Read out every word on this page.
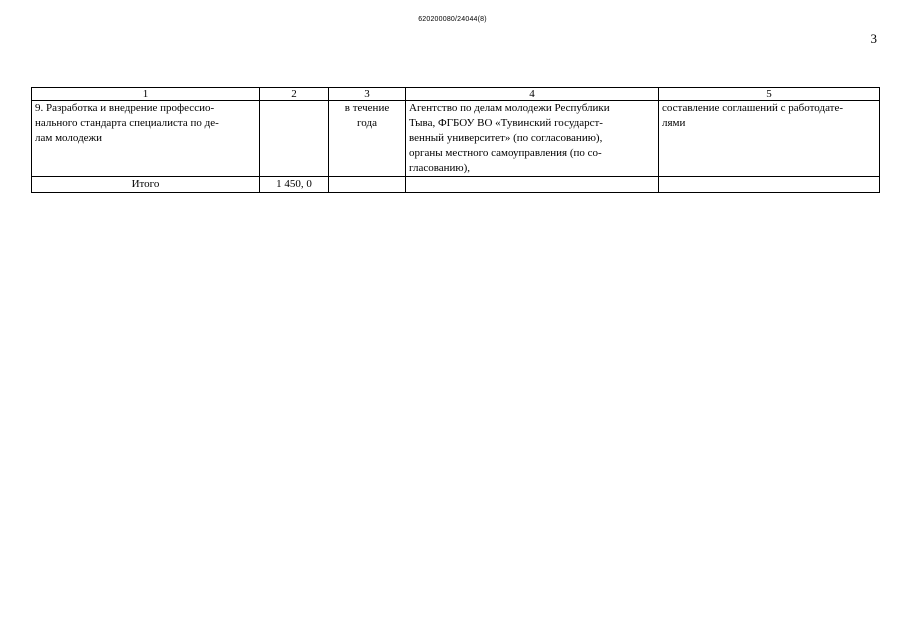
620200080/24044(8)
3
1	2	3	4	5

9. Разработка и внедрение профессио-
нального стандарта специалиста по де-
лам молодежи		в течение
года	Агентство по делам молодежи Республики
Тыва, ФГБОУ ВО «Тувинский государст-
венный университет» (по согласованию),
органы местного самоуправления (по со-
гласованию),	составление соглашений с работодате-
лями

Итого	1 450, 0			
